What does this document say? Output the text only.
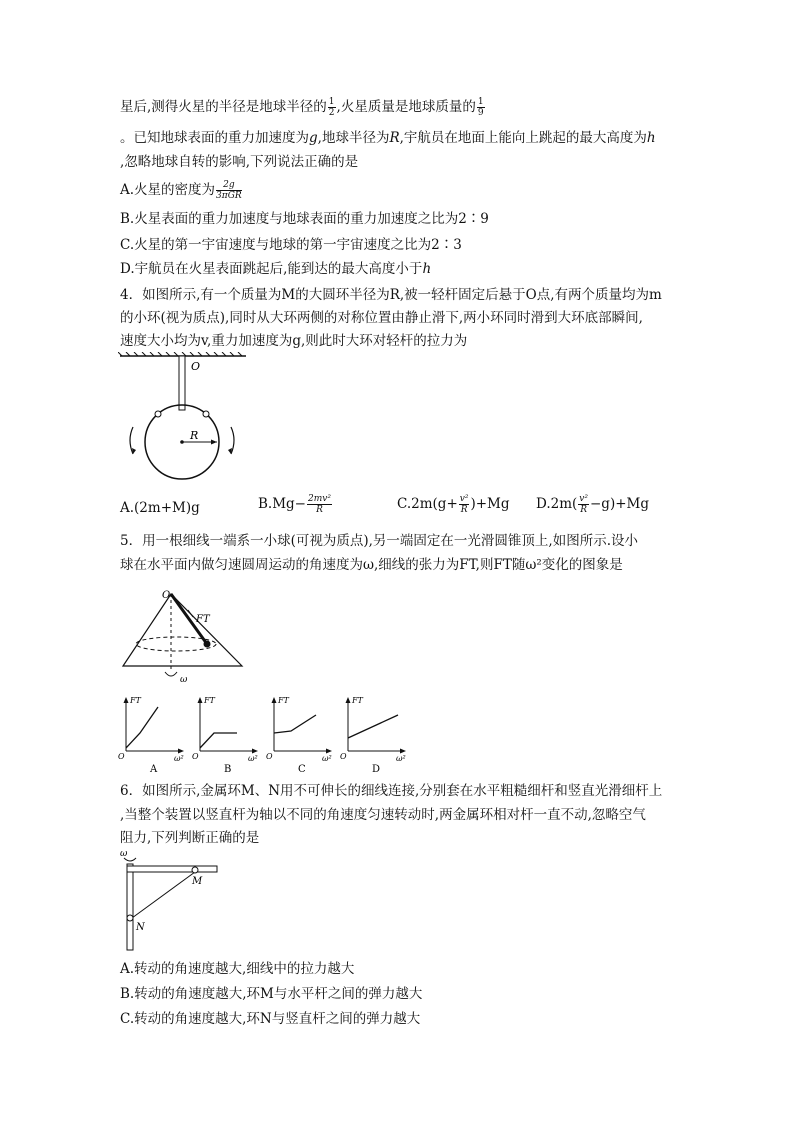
星后,测得火星的半径是地球半径的 $\frac{1}{2}$ ,火星质量是地球质量的 $\frac{1}{9}$
。已知地球表面的重力加速度为g,地球半径为R,宇航员在地面上能向上跳起的最大高度为h
,忽略地球自转的影响,下列说法正确的是
A.火星的密度为 $\frac{2g}{\text{3πGR}}$
B.火星表面的重力加速度与地球表面的重力加速度之比为2∶9
C.火星的第一宇宙速度与地球的第一宇宙速度之比为2∶3
D.宇航员在火星表面跳起后,能到达的最大高度小于h
4．如图所示,有一个质量为M的大圆环半径为R,被一轻杆固定后悬于O点,有两个质量均为m
的小环(视为质点),同时从大环两侧的对称位置由静止滑下,两小环同时滑到大环底部瞬间,
速度大小均为v,重力加速度为g,则此时大环对轻杆的拉力为
R
O
A.(2m+M)g	$B.Mg- \frac{\text{2mv²}}{R}$	$C.2m(g+ \frac{\text{v²}}{R} )+Mg$ $D.2m( \frac{\text{v²}}{R} -g)+Mg$
5．用一根细线一端系一小球(可视为质点),另一端固定在一光滑圆锥顶上,如图所示.设小
球在水平面内做匀速圆周运动的角速度为ω,细线的张力为FT,则FT随ω²变化的图象是
O
FT
ω
FT
ω²
O
A
FT
ω²
O
B
FT
ω²
O
C
FT
ω²
O
D
6．如图所示,金属环M、N用不可伸长的细线连接,分别套在水平粗糙细杆和竖直光滑细杆上
,当整个装置以竖直杆为轴以不同的角速度匀速转动时,两金属环相对杆一直不动,忽略空气
阻力,下列判断正确的是
ω
M
N
A.转动的角速度越大,细线中的拉力越大
B.转动的角速度越大,环M与水平杆之间的弹力越大
C.转动的角速度越大,环N与竖直杆之间的弹力越大
